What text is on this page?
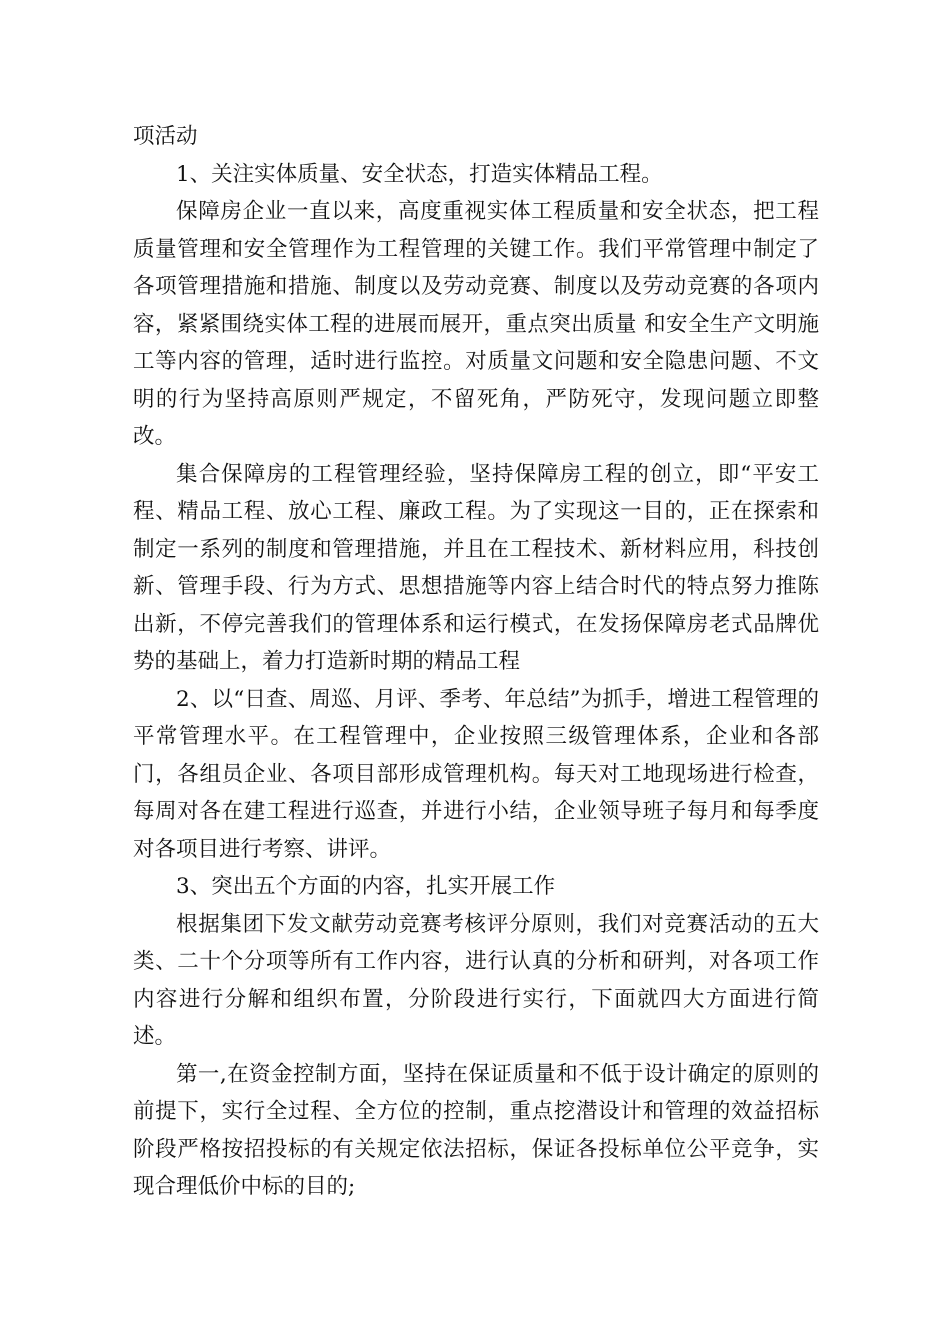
项活动

1、关注实体质量、安全状态，打造实体精品工程。

保障房企业一直以来，高度重视实体工程质量和安全状态，把工程质量管理和安全管理作为工程管理的关键工作。我们平常管理中制定了各项管理措施和措施、制度以及劳动竞赛、制度以及劳动竞赛的各项内容，紧紧围绕实体工程的进展而展开，重点突出质量 和安全生产文明施工等内容的管理，适时进行监控。对质量文问题和安全隐患问题、不文明的行为坚持高原则严规定，不留死角，严防死守，发现问题立即整改。

集合保障房的工程管理经验，坚持保障房工程的创立，即“平安工程、精品工程、放心工程、廉政工程。为了实现这一目的，正在探索和制定一系列的制度和管理措施，并且在工程技术、新材料应用，科技创新、管理手段、行为方式、思想措施等内容上结合时代的特点努力推陈出新，不停完善我们的管理体系和运行模式，在发扬保障房老式品牌优势的基础上，着力打造新时期的精品工程

2、以“日查、周巡、月评、季考、年总结”为抓手，增进工程管理的平常管理水平。在工程管理中，企业按照三级管理体系，企业和各部门，各组员企业、各项目部形成管理机构。每天对工地现场进行检查，每周对各在建工程进行巡查，并进行小结，企业领导班子每月和每季度对各项目进行考察、讲评。

3、突出五个方面的内容，扎实开展工作

根据集团下发文献劳动竞赛考核评分原则，我们对竞赛活动的五大类、二十个分项等所有工作内容，进行认真的分析和研判，对各项工作内容进行分解和组织布置，分阶段进行实行，下面就四大方面进行简述。

第一,在资金控制方面，坚持在保证质量和不低于设计确定的原则的前提下，实行全过程、全方位的控制，重点挖潜设计和管理的效益招标阶段严格按招投标的有关规定依法招标，保证各投标单位公平竞争，实现合理低价中标的目的;
